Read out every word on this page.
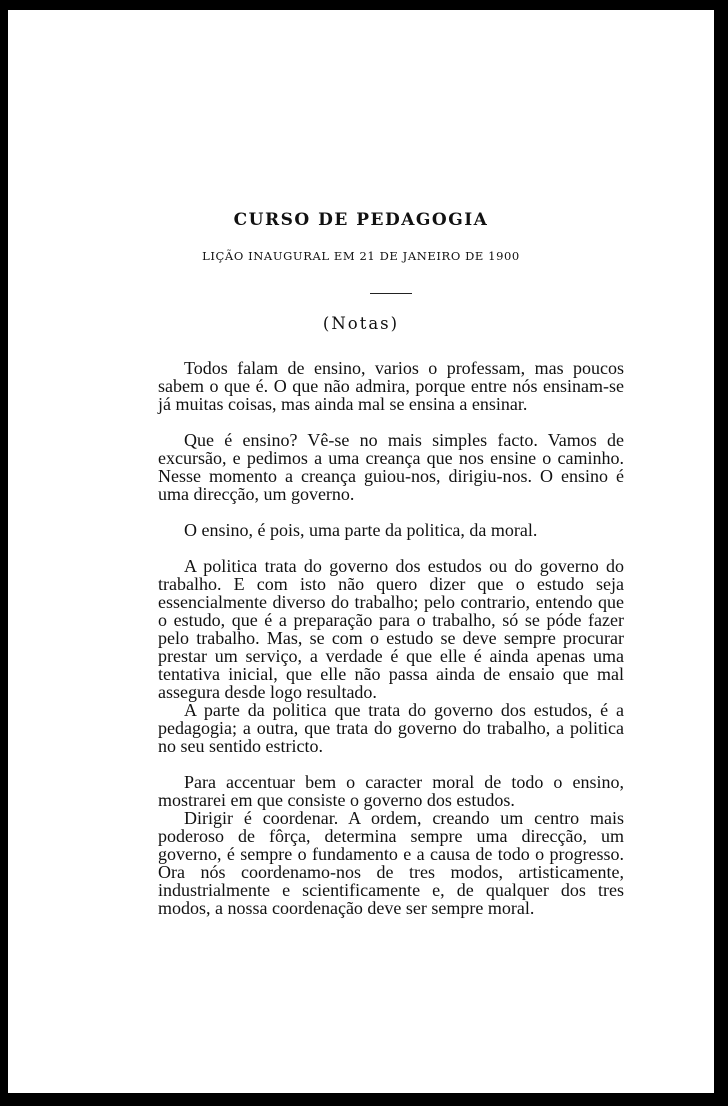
CURSO DE PEDAGOGIA
LIÇÃO INAUGURAL EM 21 DE JANEIRO DE 1900
(Notas)

Todos falam de ensino, varios o professam, mas poucos sabem o que é. O que não admira, porque entre nós ensinam-se já muitas coisas, mas ainda mal se ensina a ensinar.

Que é ensino? Vê-se no mais simples facto. Vamos de excursão, e pedimos a uma creança que nos ensine o caminho. Nesse momento a creança guiou-nos, dirigiu-nos. O ensino é uma direcção, um governo.

O ensino, é pois, uma parte da politica, da moral.

A politica trata do governo dos estudos ou do governo do trabalho. E com isto não quero dizer que o estudo seja essencialmente diverso do trabalho; pelo contrario, entendo que o estudo, que é a preparação para o trabalho, só se póde fazer pelo trabalho. Mas, se com o estudo se deve sempre procurar prestar um serviço, a verdade é que elle é ainda apenas uma tentativa inicial, que elle não passa ainda de ensaio que mal assegura desde logo resultado.

A parte da politica que trata do governo dos estudos, é a pedagogia; a outra, que trata do governo do trabalho, a politica no seu sentido estricto.

Para accentuar bem o caracter moral de todo o ensino, mostrarei em que consiste o governo dos estudos.

Dirigir é coordenar. A ordem, creando um centro mais poderoso de fôrça, determina sempre uma direcção, um governo, é sempre o fundamento e a causa de todo o progresso. Ora nós coordenamo-nos de tres modos, artisticamente, industrialmente e scientificamente e, de qualquer dos tres modos, a nossa coordenação deve ser sempre moral.
